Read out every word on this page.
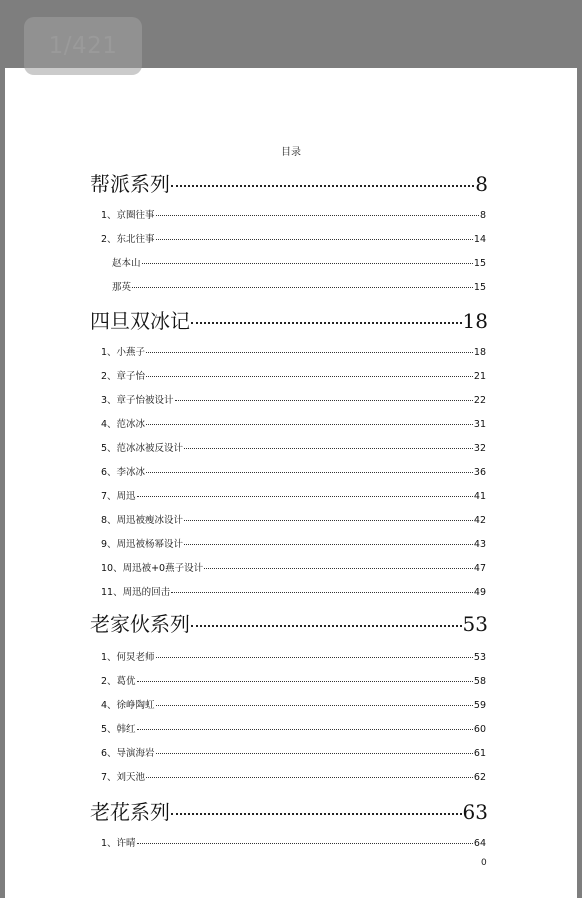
1/421
目录
帮派系列	8
1、京圈往事	8
2、东北往事	14
赵本山	15
那英	15
四旦双冰记	18
1、小燕子	18
2、章子怡	21
3、章子怡被设计	22
4、范冰冰	31
5、范冰冰被反设计	32
6、李冰冰	36
7、周迅	41
8、周迅被瘦冰设计	42
9、周迅被杨幂设计	43
10、周迅被+0燕子设计	47
11、周迅的回击	49
老家伙系列	53
1、何炅老师	53
2、葛优	58
4、徐峥陶虹	59
5、韩红	60
6、导演海岩	61
7、刘天池	62
老花系列	63
1、许晴	64
0
